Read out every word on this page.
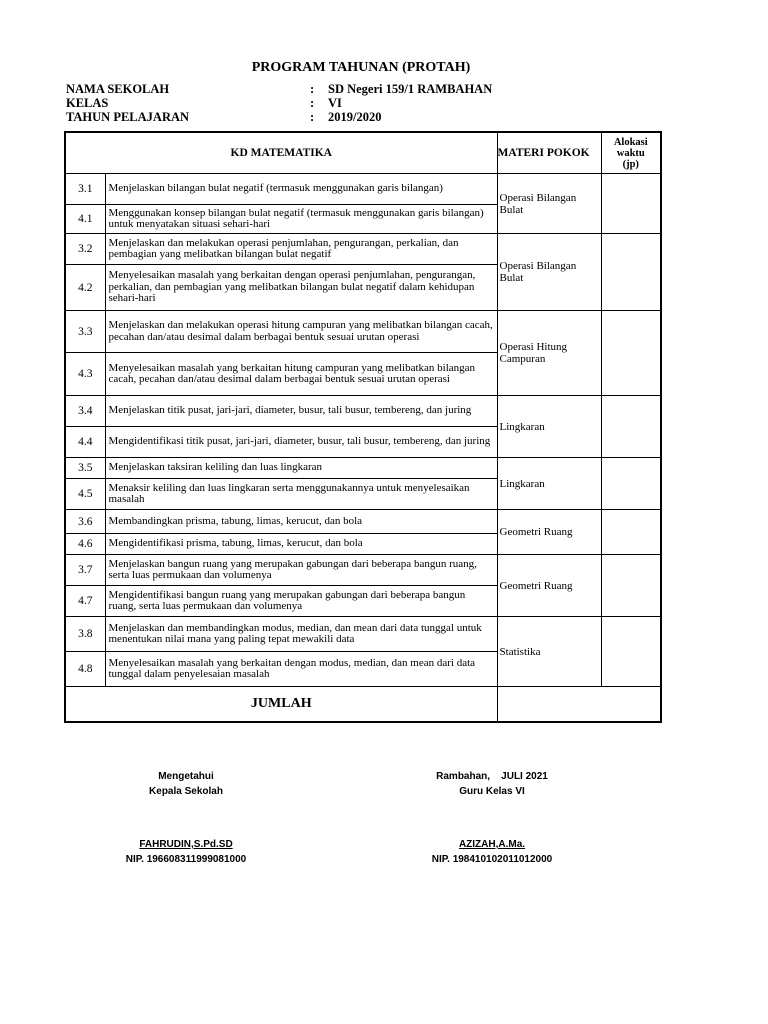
PROGRAM TAHUNAN (PROTAH)
NAMA SEKOLAH	: SD Negeri 159/1 RAMBAHAN
KELAS	: VI
TAHUN PELAJARAN	: 2019/2020
KD MATEMATIKA		MATERI POKOK	Alokasi
waktu
(jp)

3.1	Menjelaskan bilangan bulat negatif (termasuk menggunakan garis bilangan)	Operasi Bilangan Bulat	
4.1	Menggunakan konsep bilangan bulat negatif (termasuk menggunakan garis bilangan) untuk menyatakan situasi sehari-hari		
3.2	Menjelaskan dan melakukan operasi penjumlahan, pengurangan, perkalian, dan pembagian yang melibatkan bilangan bulat negatif	Operasi Bilangan Bulat	
4.2	Menyelesaikan masalah yang berkaitan dengan operasi penjumlahan, pengurangan, perkalian, dan pembagian yang melibatkan bilangan bulat negatif dalam kehidupan sehari-hari		
3.3	Menjelaskan dan melakukan operasi hitung campuran yang melibatkan bilangan cacah, pecahan dan/atau desimal dalam berbagai bentuk sesuai urutan operasi	Operasi Hitung Campuran	
4.3	Menyelesaikan masalah yang berkaitan hitung campuran yang melibatkan bilangan cacah, pecahan dan/atau desimal dalam berbagai bentuk sesuai urutan operasi		
3.4	Menjelaskan titik pusat, jari-jari, diameter, busur, tali busur, tembereng, dan juring	Lingkaran	
4.4	Mengidentifikasi titik pusat, jari-jari, diameter, busur, tali busur, tembereng, dan juring		
3.5	Menjelaskan taksiran keliling dan luas lingkaran	Lingkaran	
4.5	Menaksir keliling dan luas lingkaran serta menggunakannya untuk menyelesaikan masalah		
3.6	Membandingkan prisma, tabung, limas, kerucut, dan bola	Geometri Ruang	
4.6	Mengidentifikasi prisma, tabung, limas, kerucut, dan bola		
3.7	Menjelaskan bangun ruang yang merupakan gabungan dari beberapa bangun ruang, serta luas permukaan dan volumenya	Geometri Ruang	
4.7	Mengidentifikasi bangun ruang yang merupakan gabungan dari beberapa bangun ruang, serta luas permukaan dan volumenya		
3.8	Menjelaskan dan membandingkan modus, median, dan mean dari data tunggal untuk menentukan nilai mana yang paling tepat mewakili data	Statistika	
4.8	Menyelesaikan masalah yang berkaitan dengan modus, median, dan mean dari data tunggal dalam penyelesaian masalah		
JUMLAH			
Mengetahui
Kepala Sekolah
FAHRUDIN,S.Pd.SD
NIP. 196608311999081000
Rambahan,    JULI 2021
Guru Kelas VI
AZIZAH,A.Ma.
NIP. 198410102011012000
